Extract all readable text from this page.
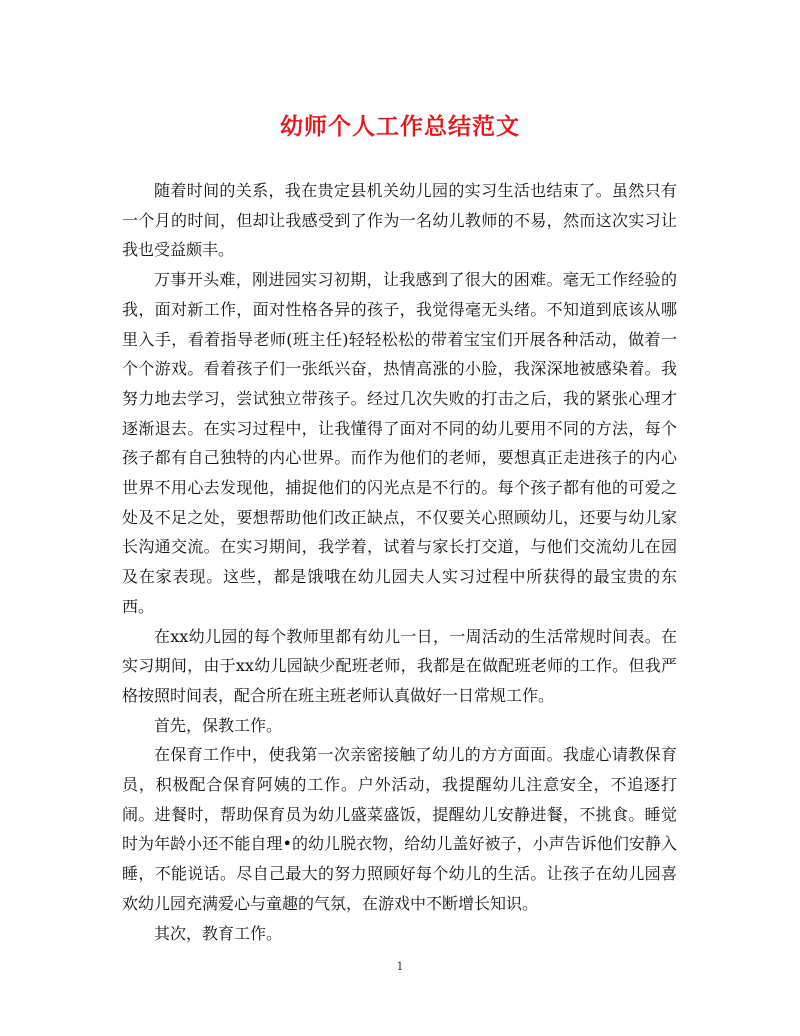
幼师个人工作总结范文

随着时间的关系，我在贵定县机关幼儿园的实习生活也结束了。虽然只有一个月的时间，但却让我感受到了作为一名幼儿教师的不易，然而这次实习让我也受益颇丰。

万事开头难，刚进园实习初期，让我感到了很大的困难。毫无工作经验的我，面对新工作，面对性格各异的孩子，我觉得毫无头绪。不知道到底该从哪里入手，看着指导老师(班主任)轻轻松松的带着宝宝们开展各种活动，做着一个个游戏。看着孩子们一张纸兴奋，热情高涨的小脸，我深深地被感染着。我努力地去学习，尝试独立带孩子。经过几次失败的打击之后，我的紧张心理才逐渐退去。在实习过程中，让我懂得了面对不同的幼儿要用不同的方法，每个孩子都有自己独特的内心世界。而作为他们的老师，要想真正走进孩子的内心世界不用心去发现他，捕捉他们的闪光点是不行的。每个孩子都有他的可爱之处及不足之处，要想帮助他们改正缺点，不仅要关心照顾幼儿，还要与幼儿家长沟通交流。在实习期间，我学着，试着与家长打交道，与他们交流幼儿在园及在家表现。这些，都是饿哦在幼儿园夫人实习过程中所获得的最宝贵的东西。

在xx幼儿园的每个教师里都有幼儿一日，一周活动的生活常规时间表。在实习期间，由于xx幼儿园缺少配班老师，我都是在做配班老师的工作。但我严格按照时间表，配合所在班主班老师认真做好一日常规工作。

首先，保教工作。

在保育工作中，使我第一次亲密接触了幼儿的方方面面。我虚心请教保育员，积极配合保育阿姨的工作。户外活动，我提醒幼儿注意安全，不追逐打闹。进餐时，帮助保育员为幼儿盛菜盛饭，提醒幼儿安静进餐，不挑食。睡觉时为年龄小还不能自理•的幼儿脱衣物，给幼儿盖好被子，小声告诉他们安静入睡，不能说话。尽自己最大的努力照顾好每个幼儿的生活。让孩子在幼儿园喜欢幼儿园充满爱心与童趣的气氛，在游戏中不断增长知识。

其次，教育工作。

1
